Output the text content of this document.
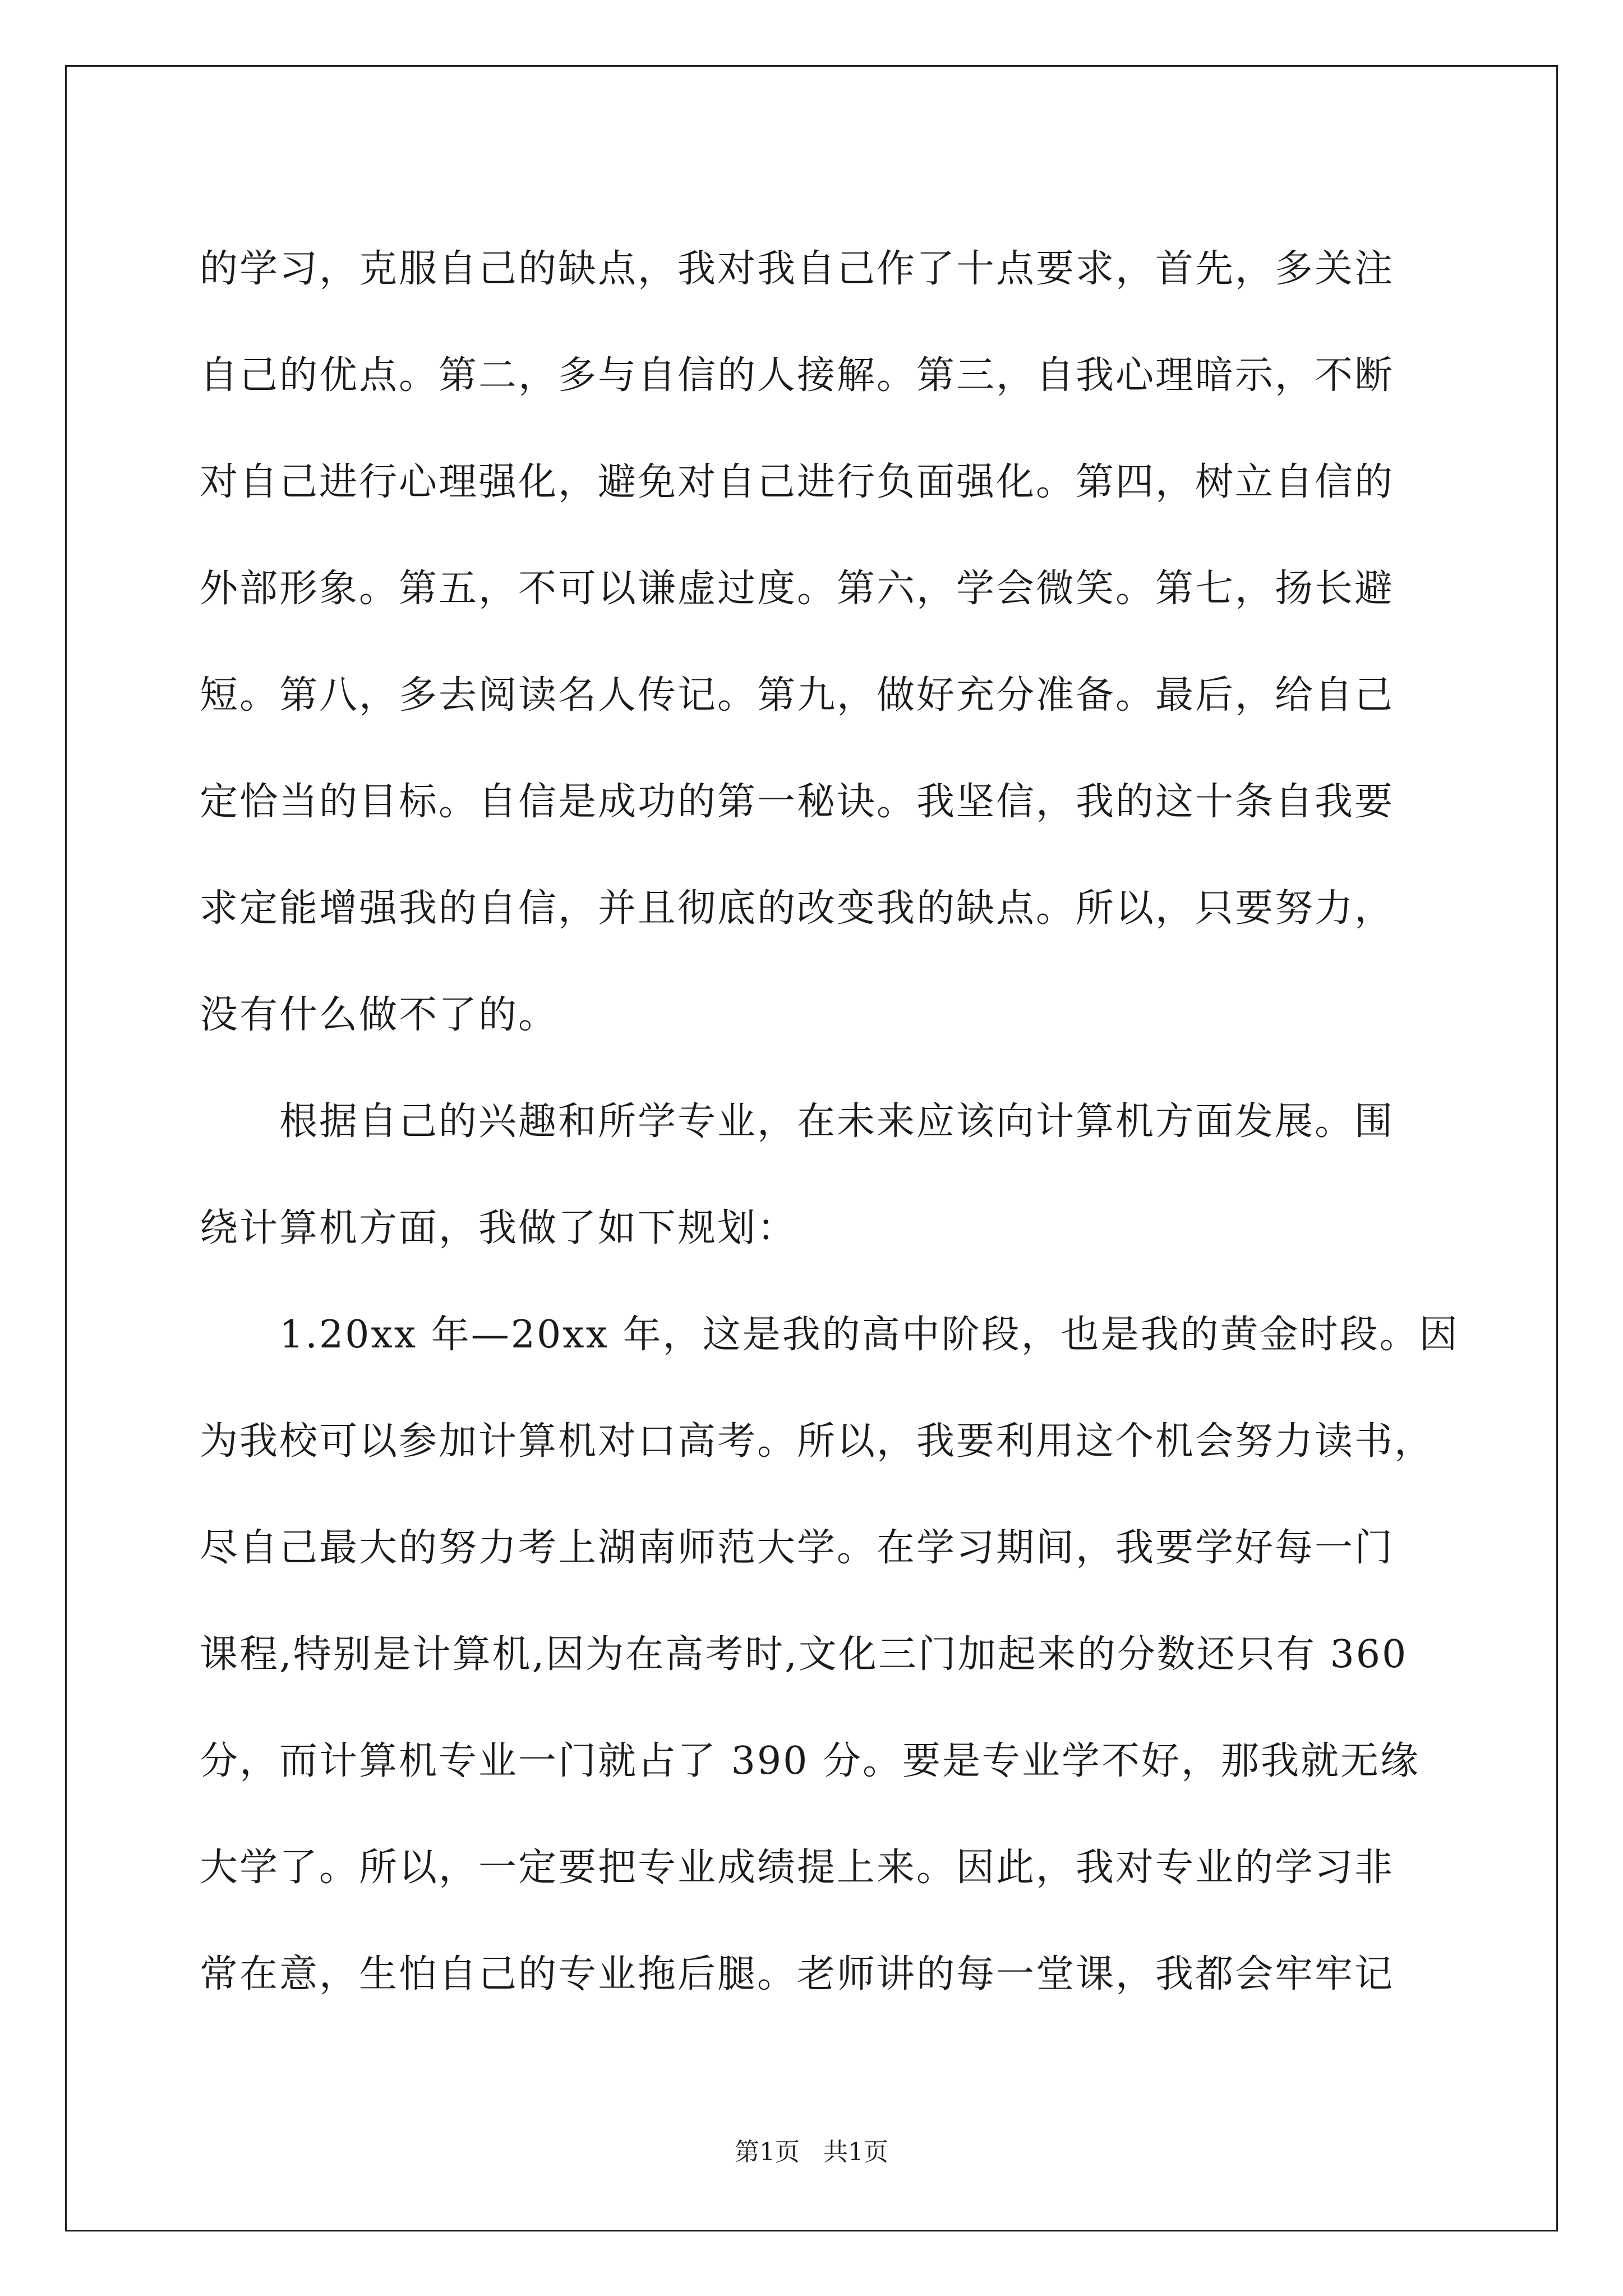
的学习，克服自己的缺点，我对我自己作了十点要求，首先，多关注
自己的优点。第二，多与自信的人接解。第三，自我心理暗示，不断
对自己进行心理强化，避免对自己进行负面强化。第四，树立自信的
外部形象。第五，不可以谦虚过度。第六，学会微笑。第七，扬长避
短。第八，多去阅读名人传记。第九，做好充分准备。最后，给自己
定恰当的目标。自信是成功的第一秘诀。我坚信，我的这十条自我要
求定能增强我的自信，并且彻底的改变我的缺点。所以，只要努力，
没有什么做不了的。
　　根据自己的兴趣和所学专业，在未来应该向计算机方面发展。围
绕计算机方面，我做了如下规划：
　　1.20xx 年—20xx 年，这是我的高中阶段，也是我的黄金时段。因
为我校可以参加计算机对口高考。所以，我要利用这个机会努力读书，
尽自己最大的努力考上湖南师范大学。在学习期间，我要学好每一门
课程,特别是计算机,因为在高考时,文化三门加起来的分数还只有 360
分，而计算机专业一门就占了 390 分。要是专业学不好，那我就无缘
大学了。所以，一定要把专业成绩提上来。因此，我对专业的学习非
常在意，生怕自己的专业拖后腿。老师讲的每一堂课，我都会牢牢记
第1页 共1页
